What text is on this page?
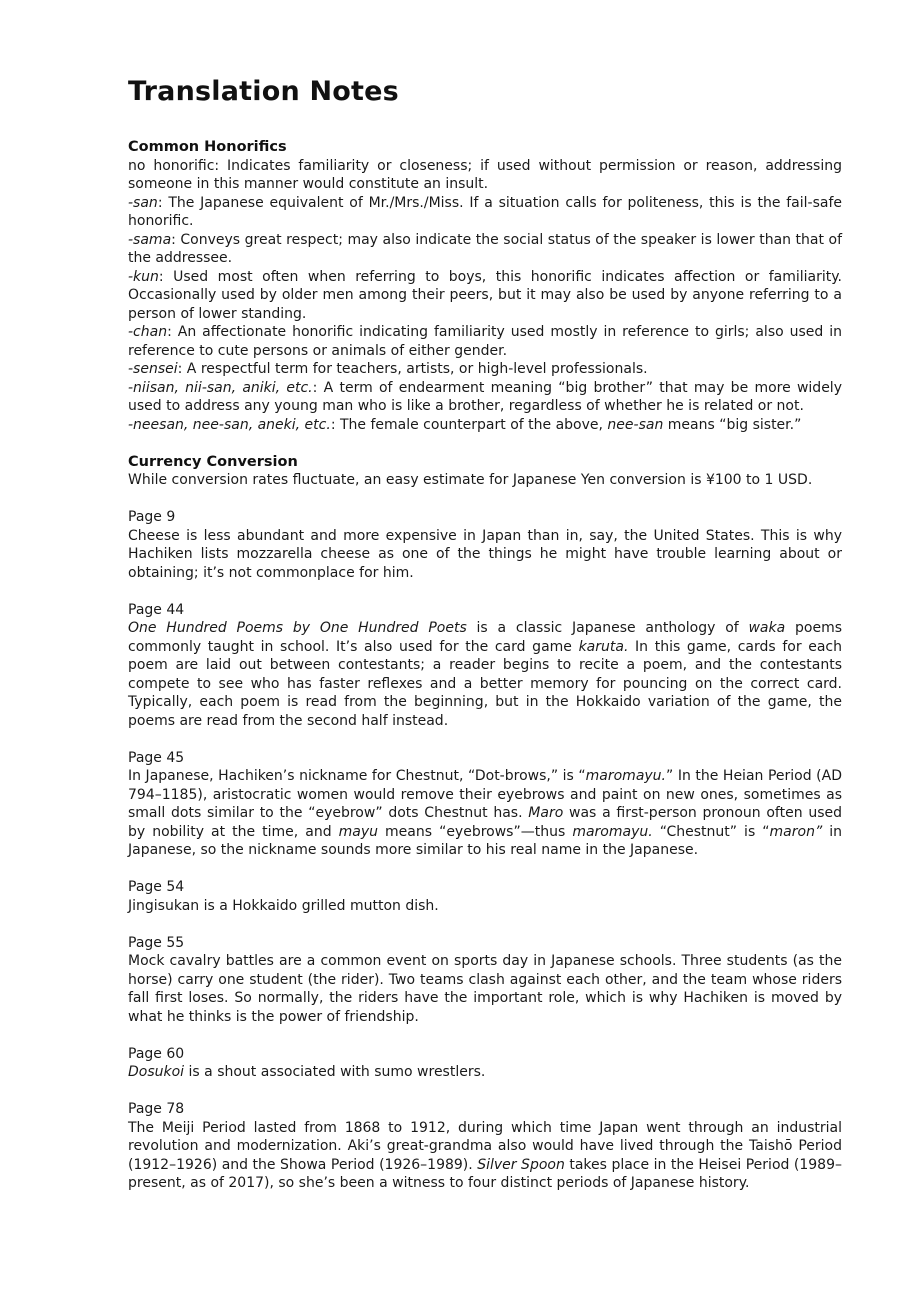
Translation Notes
Common Honorifics

no honorific: Indicates familiarity or closeness; if used without permission or reason, addressing someone in this manner would constitute an insult.

-san: The Japanese equivalent of Mr./Mrs./Miss. If a situation calls for politeness, this is the fail-safe honorific.

-sama: Conveys great respect; may also indicate the social status of the speaker is lower than that of the addressee.

-kun: Used most often when referring to boys, this honorific indicates affection or familiarity. Occasionally used by older men among their peers, but it may also be used by anyone referring to a person of lower standing.

-chan: An affectionate honorific indicating familiarity used mostly in reference to girls; also used in reference to cute persons or animals of either gender.

-sensei: A respectful term for teachers, artists, or high-level professionals.

-niisan, nii-san, aniki, etc.: A term of endearment meaning “big brother” that may be more widely used to address any young man who is like a brother, regardless of whether he is related or not.

-neesan, nee-san, aneki, etc.: The female counterpart of the above, nee-san means “big sister.”

Currency Conversion

While conversion rates fluctuate, an easy estimate for Japanese Yen conversion is ¥100 to 1 USD.

Page 9

Cheese is less abundant and more expensive in Japan than in, say, the United States. This is why Hachiken lists mozzarella cheese as one of the things he might have trouble learning about or obtaining; it’s not commonplace for him.

Page 44

One Hundred Poems by One Hundred Poets is a classic Japanese anthology of waka poems commonly taught in school. It’s also used for the card game karuta. In this game, cards for each poem are laid out between contestants; a reader begins to recite a poem, and the contestants compete to see who has faster reflexes and a better memory for pouncing on the correct card. Typically, each poem is read from the beginning, but in the Hokkaido variation of the game, the poems are read from the second half instead.

Page 45

In Japanese, Hachiken’s nickname for Chestnut, “Dot-brows,” is “maromayu.” In the Heian Period (AD 794–1185), aristocratic women would remove their eyebrows and paint on new ones, sometimes as small dots similar to the “eyebrow” dots Chestnut has. Maro was a first-person pronoun often used by nobility at the time, and mayu means “eyebrows”—thus maromayu. “Chestnut” is “maron” in Japanese, so the nickname sounds more similar to his real name in the Japanese.

Page 54

Jingisukan is a Hokkaido grilled mutton dish.

Page 55

Mock cavalry battles are a common event on sports day in Japanese schools. Three students (as the horse) carry one student (the rider). Two teams clash against each other, and the team whose riders fall first loses. So normally, the riders have the important role, which is why Hachiken is moved by what he thinks is the power of friendship.

Page 60

Dosukoi is a shout associated with sumo wrestlers.

Page 78

The Meiji Period lasted from 1868 to 1912, during which time Japan went through an industrial revolution and modernization. Aki’s great-grandma also would have lived through the Taishō Period (1912–1926) and the Showa Period (1926–1989). Silver Spoon takes place in the Heisei Period (1989–present, as of 2017), so she’s been a witness to four distinct periods of Japanese history.
